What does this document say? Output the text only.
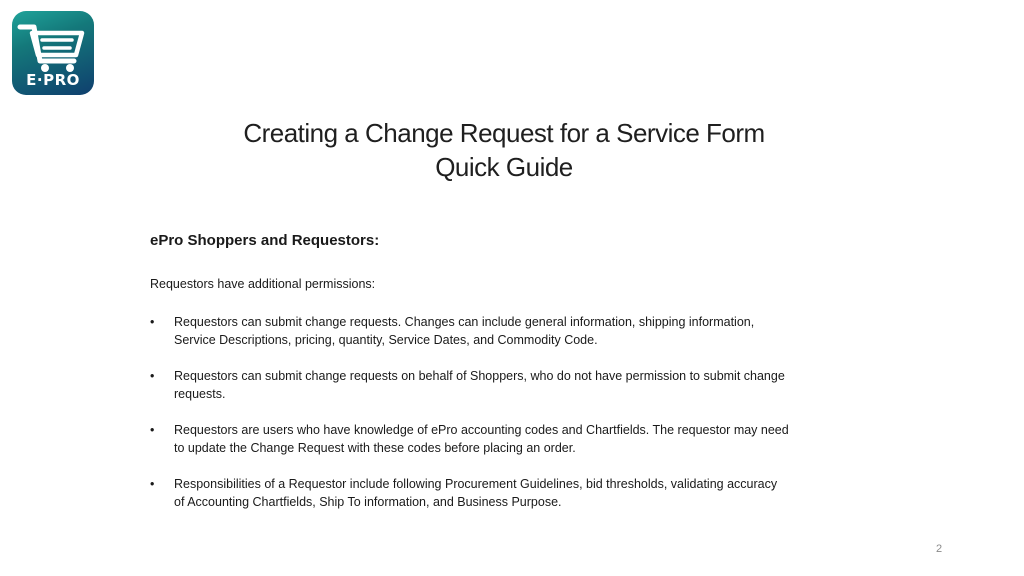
E·PRO
Creating a Change Request for a Service Form
Quick Guide
ePro Shoppers and Requestors:
Requestors have additional permissions:
• Requestors can submit change requests. Changes can include general information, shipping information,
Service Descriptions, pricing, quantity, Service Dates, and Commodity Code.
• Requestors can submit change requests on behalf of Shoppers, who do not have permission to submit change
requests.
• Requestors are users who have knowledge of ePro accounting codes and Chartfields. The requestor may need
to update the Change Request with these codes before placing an order.
• Responsibilities of a Requestor include following Procurement Guidelines, bid thresholds, validating accuracy
of Accounting Chartfields, Ship To information, and Business Purpose.
2
